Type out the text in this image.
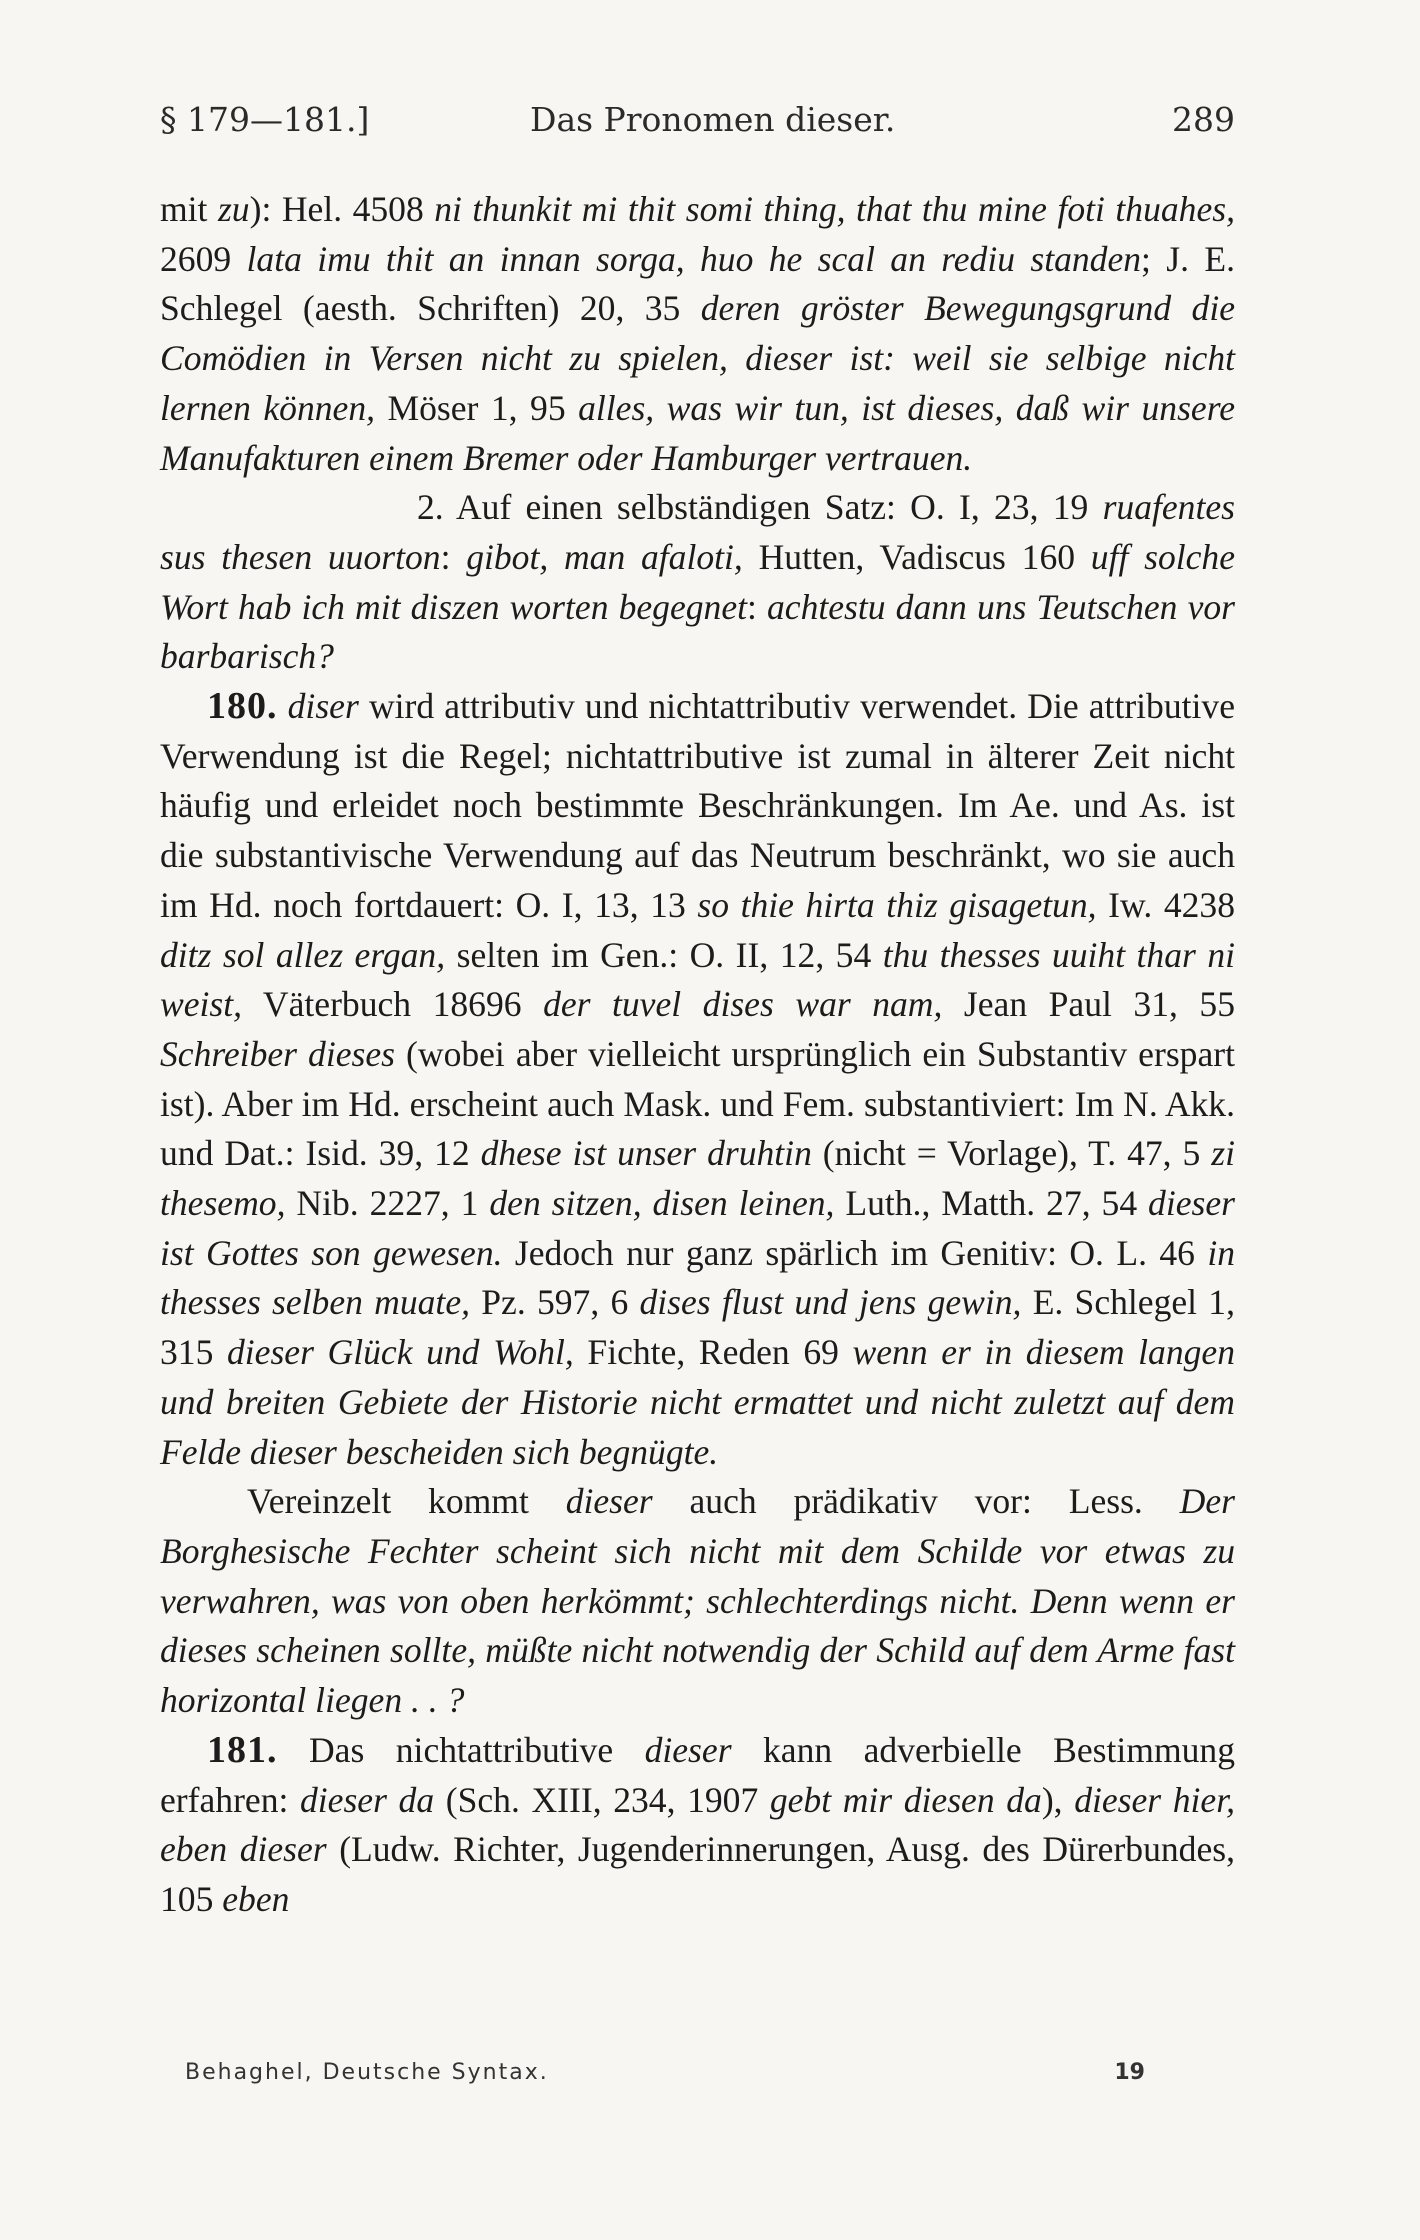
§ 179—181.]	Das Pronomen dieser.	289

mit zu): Hel. 4508 ni thunkit mi thit somi thing, that thu mine foti thuahes, 2609 lata imu thit an innan sorga, huo he scal an rediu standen; J. E. Schlegel (aesth. Schriften) 20, 35 deren gröster Bewegungsgrund die Comödien in Versen nicht zu spielen, dieser ist: weil sie selbige nicht lernen können, Möser 1, 95 alles, was wir tun, ist dieses, daß wir unsere Manufakturen einem Bremer oder Hamburger vertrauen.

2. Auf einen selbständigen Satz: O. I, 23, 19 ruafentes sus thesen uuorton: gibot, man afaloti, Hutten, Vadiscus 160 uff solche Wort hab ich mit diszen worten begegnet: achtestu dann uns Teutschen vor barbarisch?

180. diser wird attributiv und nichtattributiv verwendet. Die attributive Verwendung ist die Regel; nichtattributive ist zumal in älterer Zeit nicht häufig und erleidet noch bestimmte Beschränkungen. Im Ae. und As. ist die substantivische Verwendung auf das Neutrum beschränkt, wo sie auch im Hd. noch fortdauert: O. I, 13, 13 so thie hirta thiz gisagetun, Iw. 4238 ditz sol allez ergan, selten im Gen.: O. II, 12, 54 thu thesses uuiht thar ni weist, Väterbuch 18696 der tuvel dises war nam, Jean Paul 31, 55 Schreiber dieses (wobei aber vielleicht ursprünglich ein Substantiv erspart ist). Aber im Hd. erscheint auch Mask. und Fem. substantiviert: Im N. Akk. und Dat.: Isid. 39, 12 dhese ist unser druhtin (nicht = Vorlage), T. 47, 5 zi thesemo, Nib. 2227, 1 den sitzen, disen leinen, Luth., Matth. 27, 54 dieser ist Gottes son gewesen. Jedoch nur ganz spärlich im Genitiv: O. L. 46 in thesses selben muate, Pz. 597, 6 dises flust und jens gewin, E. Schlegel 1, 315 dieser Glück und Wohl, Fichte, Reden 69 wenn er in diesem langen und breiten Gebiete der Historie nicht ermattet und nicht zuletzt auf dem Felde dieser bescheiden sich begnügte.

Vereinzelt kommt dieser auch prädikativ vor: Less. Der Borghesische Fechter scheint sich nicht mit dem Schilde vor etwas zu verwahren, was von oben herkömmt; schlechterdings nicht. Denn wenn er dieses scheinen sollte, müßte nicht notwendig der Schild auf dem Arme fast horizontal liegen . . ?

181. Das nichtattributive dieser kann adverbielle Bestimmung erfahren: dieser da (Sch. XIII, 234, 1907 gebt mir diesen da), dieser hier, eben dieser (Ludw. Richter, Jugenderinnerungen, Ausg. des Dürerbundes, 105 eben

Behaghel, Deutsche Syntax.	19
